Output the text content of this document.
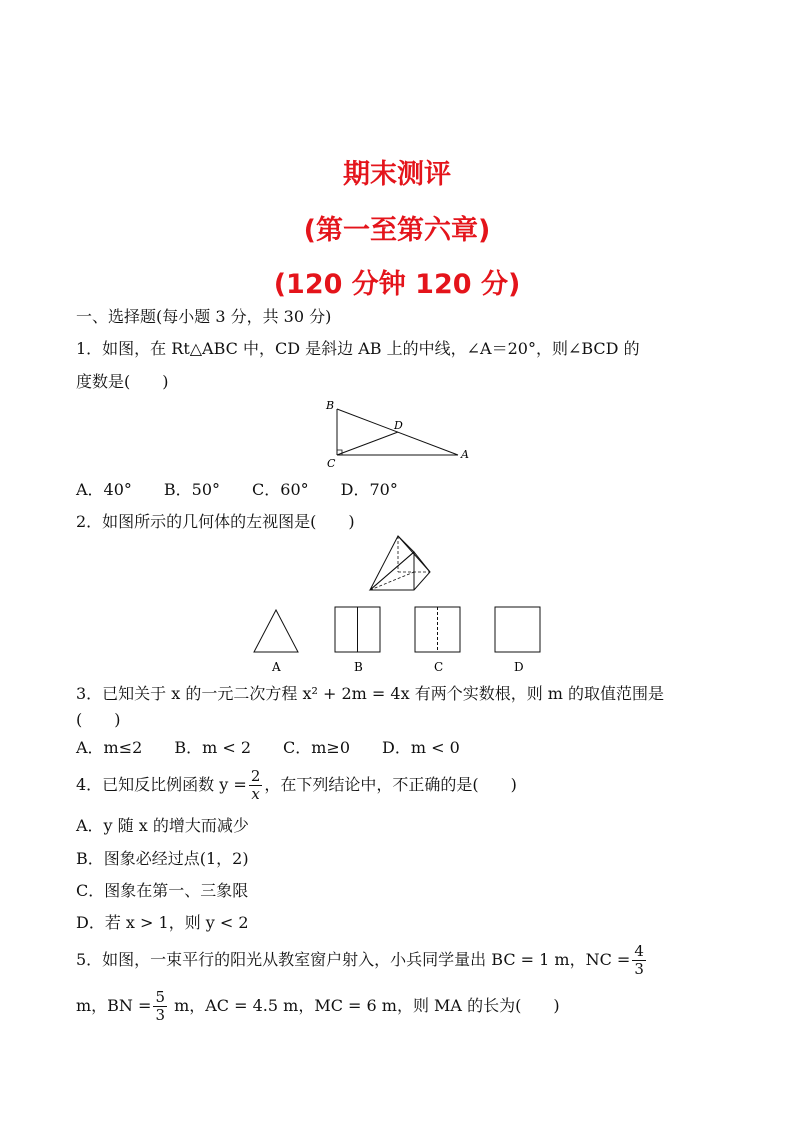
期末测评
(第一至第六章)
(120 分钟 120 分)
一、选择题(每小题 3 分，共 30 分)
1．如图，在 Rt△ABC 中，CD 是斜边 AB 上的中线，∠A＝20°，则∠BCD 的
度数是(　　)
B
D
C
A
A．40°　　B．50°　　C．60°　　D．70°
2．如图所示的几何体的左视图是(　　)
A	B	C	D
3．已知关于 x 的一元二次方程 x² + 2m = 4x 有两个实数根，则 m 的取值范围是
(　　)
A．m≤2　　B．m < 2　　C．m≥0　　D．m < 0
4．已知反比例函数 $y = \frac{2}{x}$ ，在下列结论中，不正确的是(　　)
A．y 随 x 的增大而减少
B．图象必经过点(1，2)
C．图象在第一、三象限
D．若 x > 1，则 y < 2
5．如图，一束平行的阳光从教室窗户射入，小兵同学量出 BC = 1 m，NC = $\frac{4}{3}$
m，BN = $\frac{5}{3}$ m，AC = 4.5 m，MC = 6 m，则 MA 的长为(　　)
